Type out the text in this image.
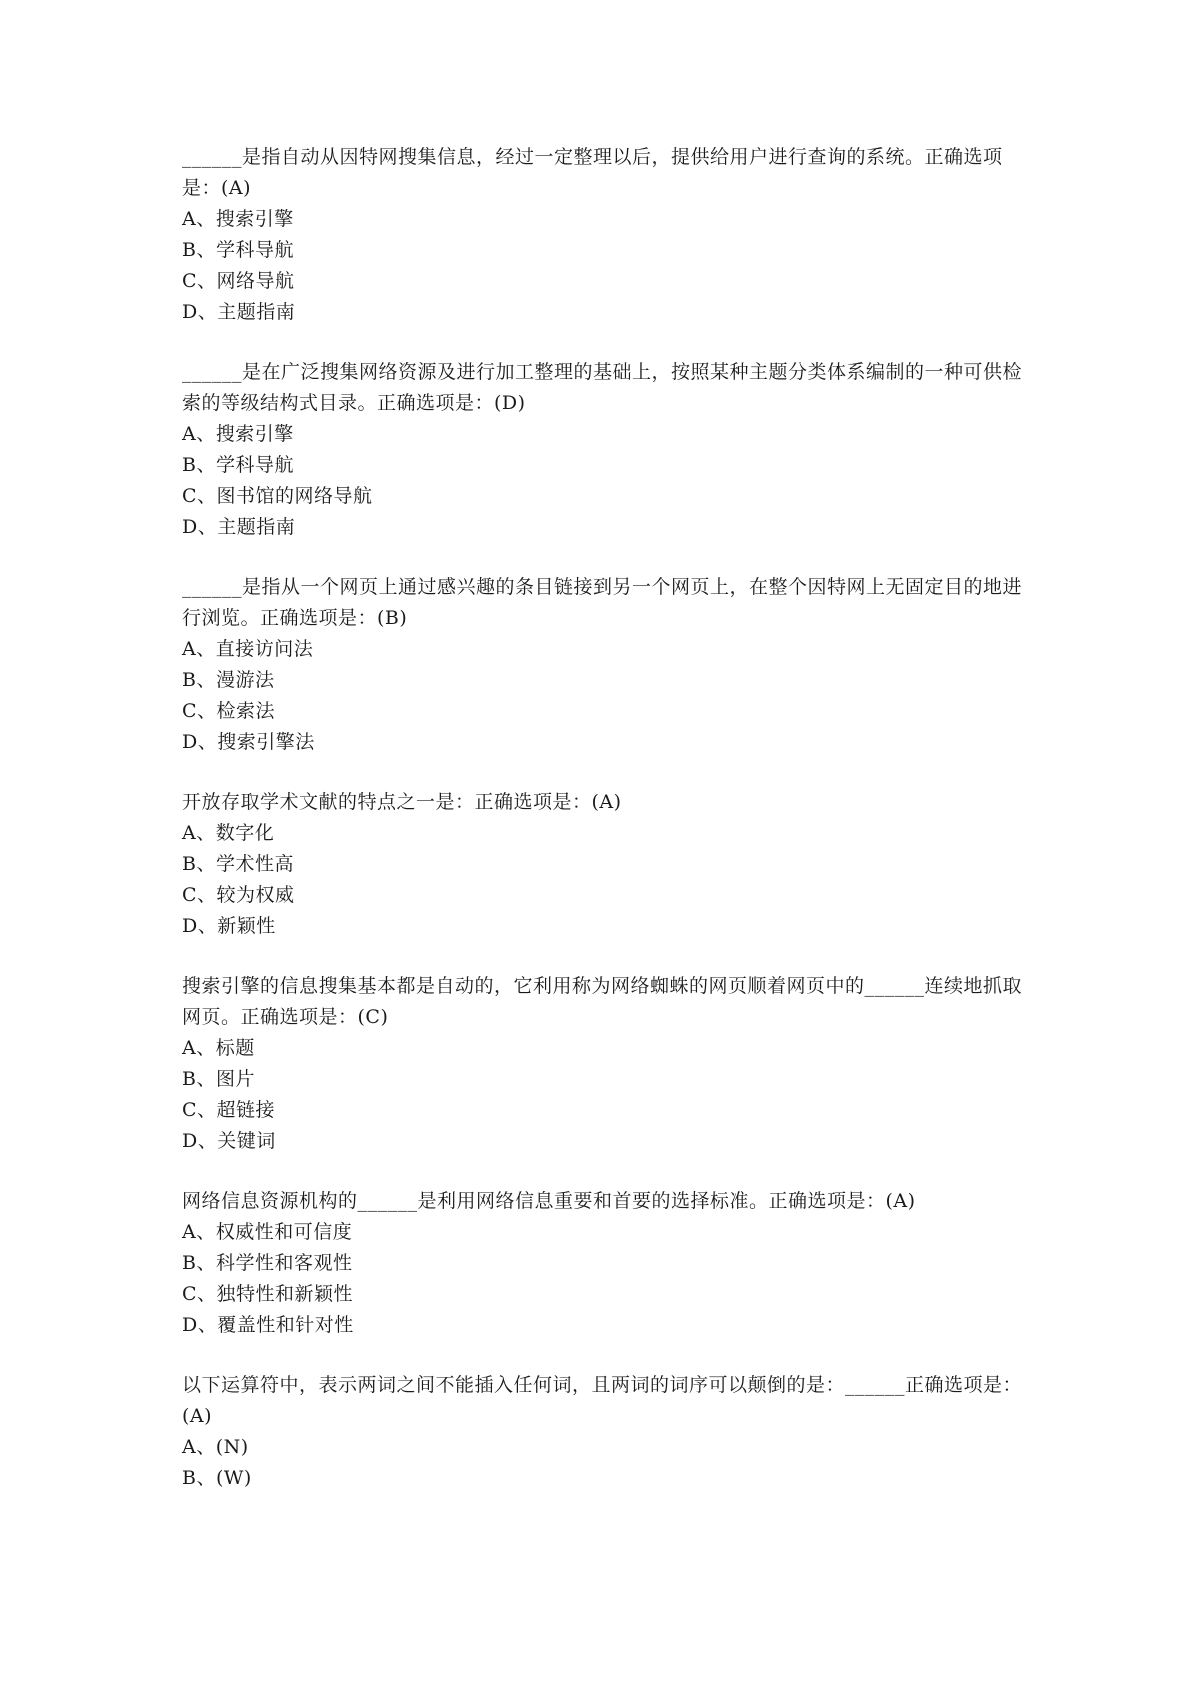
______是指自动从因特网搜集信息，经过一定整理以后，提供给用户进行查询的系统。正确选项是：(A)

A、搜索引擎

B、学科导航

C、网络导航

D、主题指南

______是在广泛搜集网络资源及进行加工整理的基础上，按照某种主题分类体系编制的一种可供检索的等级结构式目录。正确选项是：(D)

A、搜索引擎

B、学科导航

C、图书馆的网络导航

D、主题指南

______是指从一个网页上通过感兴趣的条目链接到另一个网页上，在整个因特网上无固定目的地进行浏览。正确选项是：(B)

A、直接访问法

B、漫游法

C、检索法

D、搜索引擎法

开放存取学术文献的特点之一是：正确选项是：(A)

A、数字化

B、学术性高

C、较为权威

D、新颖性

搜索引擎的信息搜集基本都是自动的，它利用称为网络蜘蛛的网页顺着网页中的______连续地抓取网页。正确选项是：(C)

A、标题

B、图片

C、超链接

D、关键词

网络信息资源机构的______是利用网络信息重要和首要的选择标准。正确选项是：(A)

A、权威性和可信度

B、科学性和客观性

C、独特性和新颖性

D、覆盖性和针对性

以下运算符中，表示两词之间不能插入任何词，且两词的词序可以颠倒的是：______正确选项是：(A)

A、(N)

B、(W)
